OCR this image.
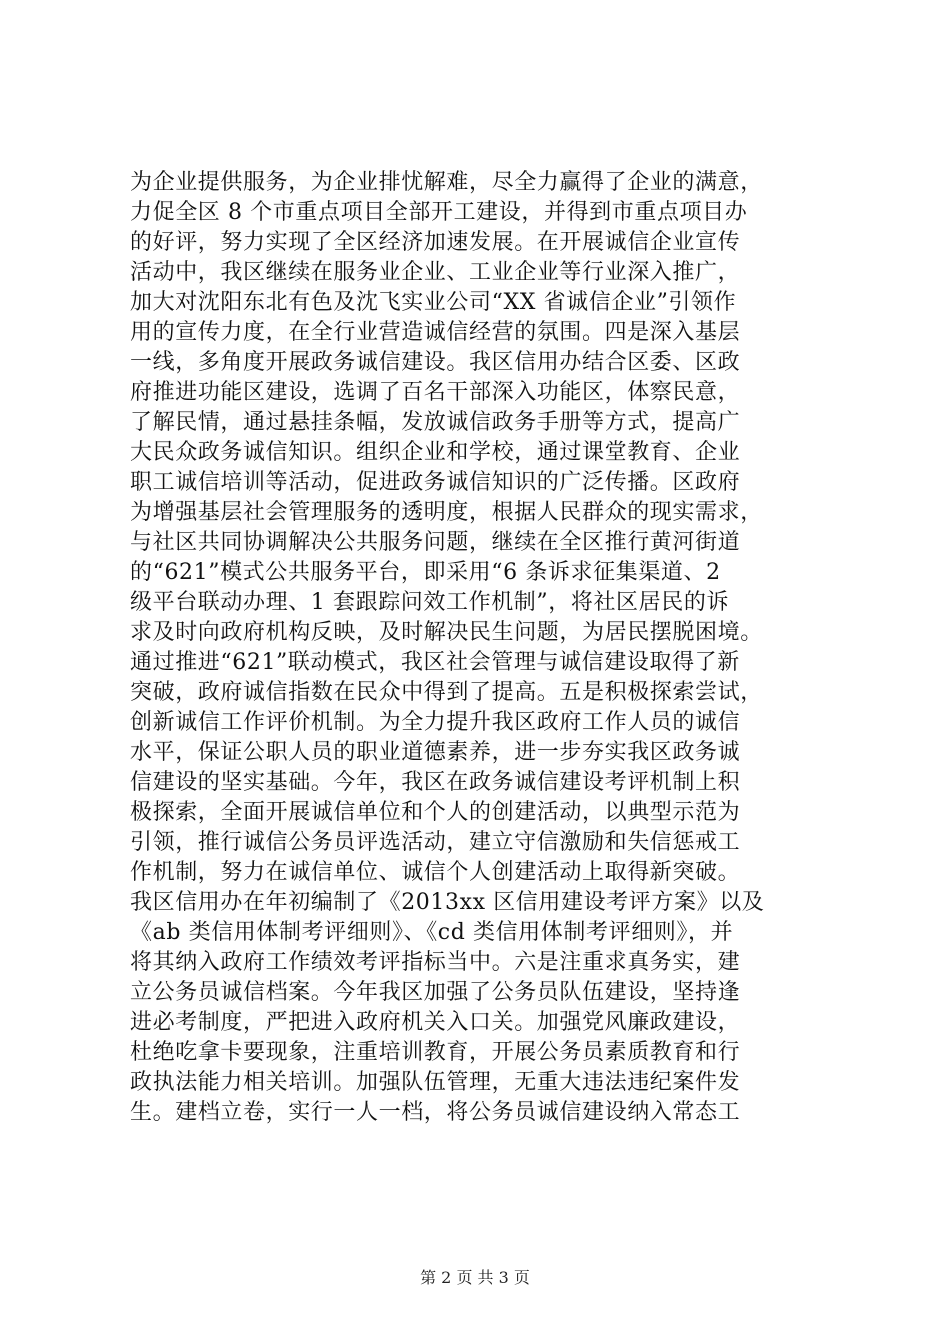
为企业提供服务，为企业排忧解难，尽全力赢得了企业的满意，
力促全区 8 个市重点项目全部开工建设，并得到市重点项目办
的好评，努力实现了全区经济加速发展。在开展诚信企业宣传
活动中，我区继续在服务业企业、工业企业等行业深入推广，
加大对沈阳东北有色及沈飞实业公司“XX 省诚信企业”引领作
用的宣传力度，在全行业营造诚信经营的氛围。四是深入基层
一线，多角度开展政务诚信建设。我区信用办结合区委、区政
府推进功能区建设，选调了百名干部深入功能区，体察民意，
了解民情，通过悬挂条幅，发放诚信政务手册等方式，提高广
大民众政务诚信知识。组织企业和学校，通过课堂教育、企业
职工诚信培训等活动，促进政务诚信知识的广泛传播。区政府
为增强基层社会管理服务的透明度，根据人民群众的现实需求，
与社区共同协调解决公共服务问题，继续在全区推行黄河街道
的“621”模式公共服务平台，即采用“6 条诉求征集渠道、2
级平台联动办理、1 套跟踪问效工作机制”，将社区居民的诉
求及时向政府机构反映，及时解决民生问题，为居民摆脱困境。
通过推进“621”联动模式，我区社会管理与诚信建设取得了新
突破，政府诚信指数在民众中得到了提高。五是积极探索尝试，
创新诚信工作评价机制。为全力提升我区政府工作人员的诚信
水平，保证公职人员的职业道德素养，进一步夯实我区政务诚
信建设的坚实基础。今年，我区在政务诚信建设考评机制上积
极探索，全面开展诚信单位和个人的创建活动，以典型示范为
引领，推行诚信公务员评选活动，建立守信激励和失信惩戒工
作机制，努力在诚信单位、诚信个人创建活动上取得新突破。
我区信用办在年初编制了《2013xx 区信用建设考评方案》以及
《ab 类信用体制考评细则》、《cd 类信用体制考评细则》，并
将其纳入政府工作绩效考评指标当中。六是注重求真务实，建
立公务员诚信档案。今年我区加强了公务员队伍建设，坚持逢
进必考制度，严把进入政府机关入口关。加强党风廉政建设，
杜绝吃拿卡要现象，注重培训教育，开展公务员素质教育和行
政执法能力相关培训。加强队伍管理，无重大违法违纪案件发
生。建档立卷，实行一人一档，将公务员诚信建设纳入常态工
第 2 页 共 3 页
